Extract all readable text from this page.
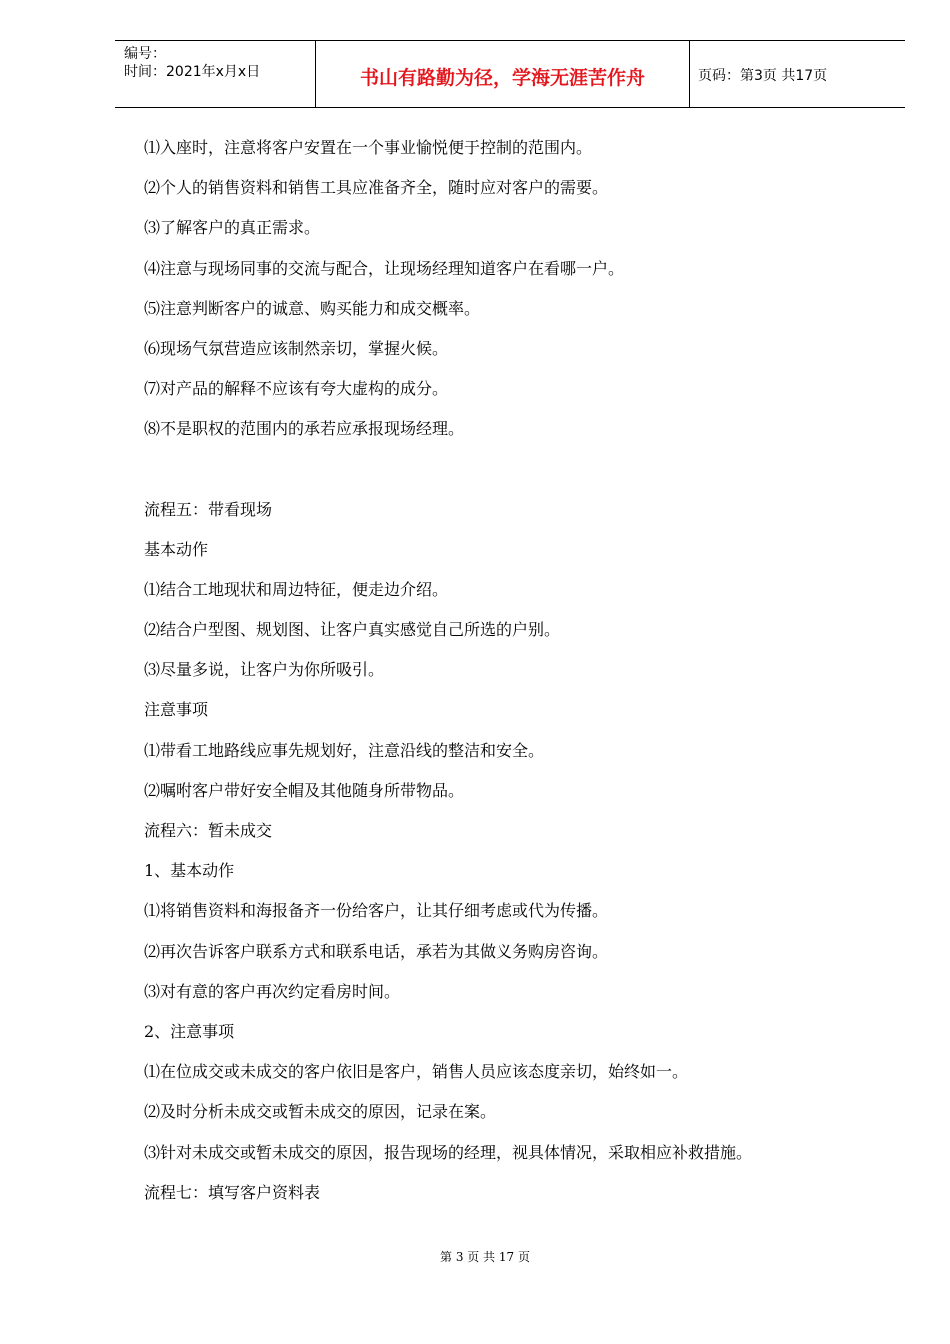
编号：
时间：2021年x月x日	书山有路勤为径，学海无涯苦作舟	页码：第3页 共17页
⑴入座时，注意将客户安置在一个事业愉悦便于控制的范围内。
⑵个人的销售资料和销售工具应准备齐全，随时应对客户的需要。
⑶了解客户的真正需求。
⑷注意与现场同事的交流与配合，让现场经理知道客户在看哪一户。
⑸注意判断客户的诚意、购买能力和成交概率。
⑹现场气氛营造应该制然亲切，掌握火候。
⑺对产品的解释不应该有夸大虚构的成分。
⑻不是职权的范围内的承若应承报现场经理。
流程五：带看现场
基本动作
⑴结合工地现状和周边特征，便走边介绍。
⑵结合户型图、规划图、让客户真实感觉自己所选的户别。
⑶尽量多说，让客户为你所吸引。
注意事项
⑴带看工地路线应事先规划好，注意沿线的整洁和安全。
⑵嘱咐客户带好安全帽及其他随身所带物品。
流程六：暂未成交
1、基本动作
⑴将销售资料和海报备齐一份给客户，让其仔细考虑或代为传播。
⑵再次告诉客户联系方式和联系电话，承若为其做义务购房咨询。
⑶对有意的客户再次约定看房时间。
2、注意事项
⑴在位成交或未成交的客户依旧是客户，销售人员应该态度亲切，始终如一。
⑵及时分析未成交或暂未成交的原因，记录在案。
⑶针对未成交或暂未成交的原因，报告现场的经理，视具体情况，采取相应补救措施。
流程七：填写客户资料表
第 3 页 共 17 页
